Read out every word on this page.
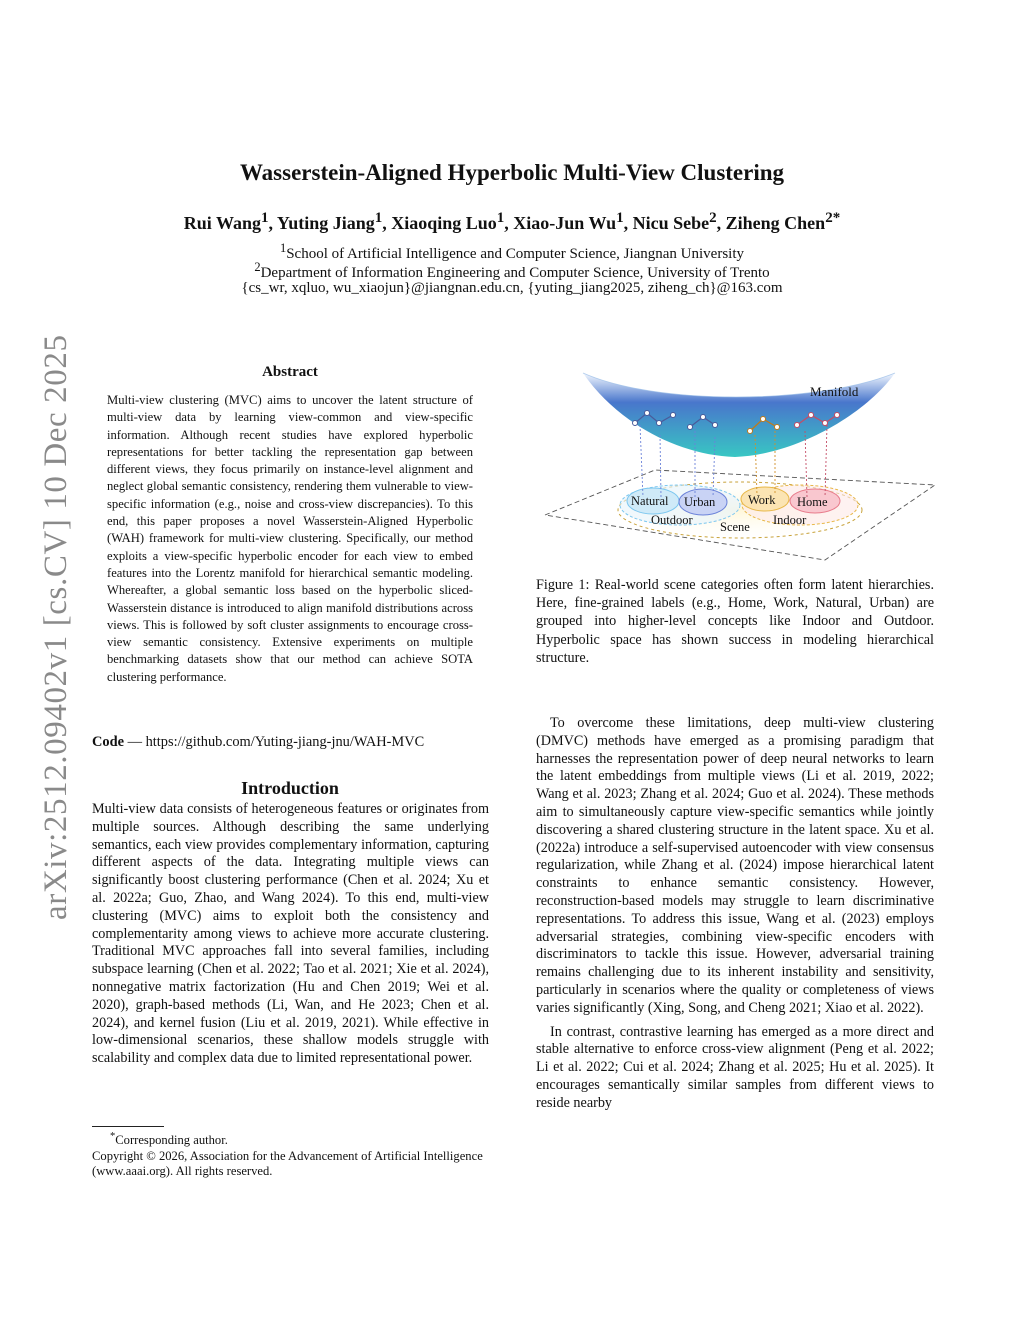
arXiv:2512.09402v1 [cs.CV] 10 Dec 2025
Wasserstein-Aligned Hyperbolic Multi-View Clustering
Rui Wang$^1$, Yuting Jiang$^1$, Xiaoqing Luo$^1$, Xiao-Jun Wu$^1$, Nicu Sebe$^2$, Ziheng Chen$^{2*}$
$^1$School of Artificial Intelligence and Computer Science, Jiangnan University
$^2$Department of Information Engineering and Computer Science, University of Trento
{cs_wr, xqluo, wu_xiaojun}@jiangnan.edu.cn, {yuting_jiang2025, ziheng_ch}@163.com
Abstract
Multi-view clustering (MVC) aims to uncover the latent structure of multi-view data by learning view-common and view-specific information. Although recent studies have explored hyperbolic representations for better tackling the representation gap between different views, they focus primarily on instance-level alignment and neglect global semantic consistency, rendering them vulnerable to view-specific information (e.g., noise and cross-view discrepancies). To this end, this paper proposes a novel Wasserstein-Aligned Hyperbolic (WAH) framework for multi-view clustering. Specifically, our method exploits a view-specific hyperbolic encoder for each view to embed features into the Lorentz manifold for hierarchical semantic modeling. Whereafter, a global semantic loss based on the hyperbolic sliced-Wasserstein distance is introduced to align manifold distributions across views. This is followed by soft cluster assignments to encourage cross-view semantic consistency. Extensive experiments on multiple benchmarking datasets show that our method can achieve SOTA clustering performance.
Code — https://github.com/Yuting-jiang-jnu/WAH-MVC
Introduction
Multi-view data consists of heterogeneous features or originates from multiple sources. Although describing the same underlying semantics, each view provides complementary information, capturing different aspects of the data. Integrating multiple views can significantly boost clustering performance (Chen et al. 2024; Xu et al. 2022a; Guo, Zhao, and Wang 2024). To this end, multi-view clustering (MVC) aims to exploit both the consistency and complementarity among views to achieve more accurate clustering. Traditional MVC approaches fall into several families, including subspace learning (Chen et al. 2022; Tao et al. 2021; Xie et al. 2024), nonnegative matrix factorization (Hu and Chen 2019; Wei et al. 2020), graph-based methods (Li, Wan, and He 2023; Chen et al. 2024), and kernel fusion (Liu et al. 2019, 2021). While effective in low-dimensional scenarios, these shallow models struggle with scalability and complex data due to limited representational power.
*Corresponding author.
Copyright © 2026, Association for the Advancement of Artificial Intelligence (www.aaai.org). All rights reserved.
Manifold
Natural Urban	Work Home
Outdoor	Indoor
Scene
Figure 1: Real-world scene categories often form latent hierarchies. Here, fine-grained labels (e.g., Home, Work, Natural, Urban) are grouped into higher-level concepts like Indoor and Outdoor. Hyperbolic space has shown success in modeling hierarchical structure.

To overcome these limitations, deep multi-view clustering (DMVC) methods have emerged as a promising paradigm that harnesses the representation power of deep neural networks to learn the latent embeddings from multiple views (Li et al. 2019, 2022; Wang et al. 2023; Zhang et al. 2024; Guo et al. 2024). These methods aim to simultaneously capture view-specific semantics while jointly discovering a shared clustering structure in the latent space. Xu et al. (2022a) introduce a self-supervised autoencoder with view consensus regularization, while Zhang et al. (2024) impose hierarchical latent constraints to enhance semantic consistency. However, reconstruction-based models may struggle to learn discriminative representations. To address this issue, Wang et al. (2023) employs adversarial strategies, combining view-specific encoders with discriminators to tackle this issue. However, adversarial training remains challenging due to its inherent instability and sensitivity, particularly in scenarios where the quality or completeness of views varies significantly (Xing, Song, and Cheng 2021; Xiao et al. 2022).

In contrast, contrastive learning has emerged as a more direct and stable alternative to enforce cross-view alignment (Peng et al. 2022; Li et al. 2022; Cui et al. 2024; Zhang et al. 2025; Hu et al. 2025). It encourages semantically similar samples from different views to reside nearby
